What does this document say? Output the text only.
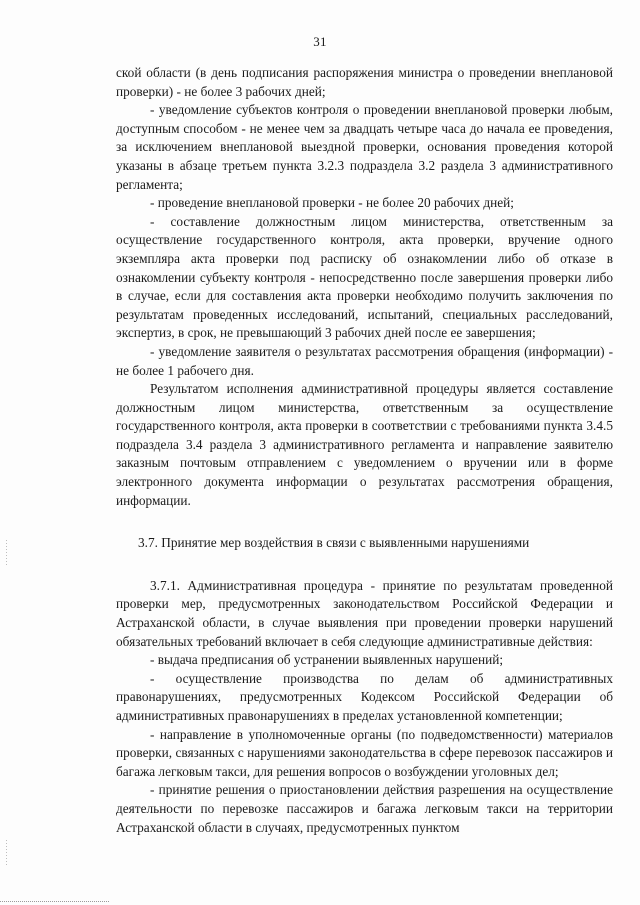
31

ской области (в день подписания распоряжения министра о проведении внеплановой проверки) - не более 3 рабочих дней;

- уведомление субъектов контроля о проведении внеплановой проверки любым, доступным способом - не менее чем за двадцать четыре часа до начала ее проведения, за исключением внеплановой выездной проверки, основания проведения которой указаны в абзаце третьем пункта 3.2.3 подраздела 3.2 раздела 3 административного регламента;

- проведение внеплановой проверки - не более 20 рабочих дней;

- составление должностным лицом министерства, ответственным за осуществление государственного контроля, акта проверки, вручение одного экземпляра акта проверки под расписку об ознакомлении либо об отказе в ознакомлении субъекту контроля - непосредственно после завершения проверки либо в случае, если для составления акта проверки необходимо получить заключения по результатам проведенных исследований, испытаний, специальных расследований, экспертиз, в срок, не превышающий 3 рабочих дней после ее завершения;

- уведомление заявителя о результатах рассмотрения обращения (информации) - не более 1 рабочего дня.

Результатом исполнения административной процедуры является составление должностным лицом министерства, ответственным за осуществление государственного контроля, акта проверки в соответствии с требованиями пункта 3.4.5 подраздела 3.4 раздела 3 административного регламента и направление заявителю заказным почтовым отправлением с уведомлением о вручении или в форме электронного документа информации о результатах рассмотрения обращения, информации.

3.7. Принятие мер воздействия в связи с выявленными нарушениями

3.7.1. Административная процедура - принятие по результатам проведенной проверки мер, предусмотренных законодательством Российской Федерации и Астраханской области, в случае выявления при проведении проверки нарушений обязательных требований включает в себя следующие административные действия:

- выдача предписания об устранении выявленных нарушений;

- осуществление производства по делам об административных правонарушениях, предусмотренных Кодексом Российской Федерации об административных правонарушениях в пределах установленной компетенции;

- направление в уполномоченные органы (по подведомственности) материалов проверки, связанных с нарушениями законодательства в сфере перевозок пассажиров и багажа легковым такси, для решения вопросов о возбуждении уголовных дел;

- принятие решения о приостановлении действия разрешения на осуществление деятельности по перевозке пассажиров и багажа легковым такси на территории Астраханской области в случаях, предусмотренных пунктом
